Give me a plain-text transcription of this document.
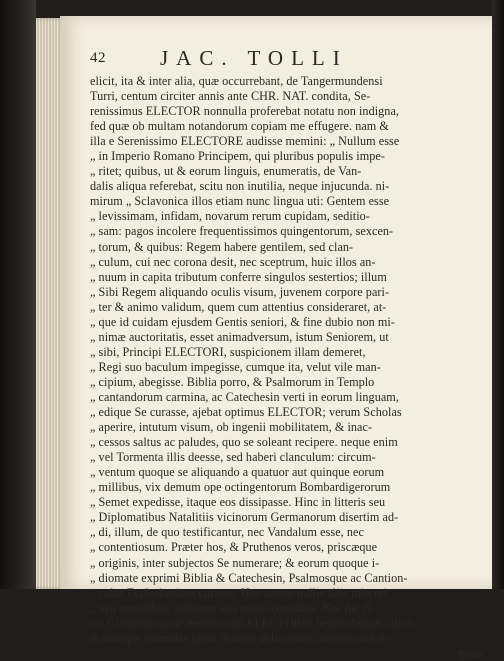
42	JAC. TOLLI
elicit, ita & inter alia, quæ occurrebant, de Tangermundensi
Turri, centum circiter annis ante CHR. NAT. condita, Se-
renissimus ELECTOR nonnulla proferebat notatu non indigna,
fed quæ ob multam notandorum copiam me effugere. nam &
illa e Serenissimo ELECTORE audisse memini: „ Nullum esse
„ in Imperio Romano Principem, qui pluribus populis impe-
„ ritet; quibus, ut & eorum linguis, enumeratis, de Van-
dalis aliqua referebat, scitu non inutilia, neque injucunda. ni-
mirum „ Sclavonica illos etiam nunc lingua uti: Gentem esse
„ levissimam, infidam, novarum rerum cupidam, seditio-
„ sam: pagos incolere frequentissimos quingentorum, sexcen-
„ torum, & quibus: Regem habere gentilem, sed clan-
„ culum, cui nec corona desit, nec sceptrum, huic illos an-
„ nuum in capita tributum conferre singulos sestertios; illum
„ Sibi Regem aliquando oculis visum, juvenem corpore pari-
„ ter & animo validum, quem cum attentius consideraret, at-
„ que id cuidam ejusdem Gentis seniori, & fine dubio non mi-
„ nimæ auctoritatis, esset animadversum, istum Seniorem, ut
„ sibi, Principi ELECTORI, suspicionem illam demeret,
„ Regi suo baculum impegisse, cumque ita, velut vile man-
„ cipium, abegisse. Biblia porro, & Psalmorum in Templo
„ cantandorum carmina, ac Catechesin verti in eorum linguam,
„ edique Se curasse, ajebat optimus ELECTOR; verum Scholas
„ aperire, intutum visum, ob ingenii mobilitatem, & inac-
„ cessos saltus ac paludes, quo se soleant recipere. neque enim
„ vel Tormenta illis deesse, sed haberi clanculum: circum-
„ ventum quoque se aliquando a quatuor aut quinque eorum
„ millibus, vix demum ope octingentorum Bombardigerorum
„ Semet expedisse, itaque eos dissipasse. Hinc in litteris seu
„ Diplomatibus Natalitiis vicinorum Germanorum disertim ad-
„ di, illum, de quo testificantur, nec Vandalum esse, nec
„ contentiosum. Præter hos, & Pruthenos veros, priscæque
„ originis, inter subjectos Se numerare; & eorum quoque i-
„ diomate exprimi Biblia & Catechesin, Psalmosque ac Cantion-
„ culas Ecclesiasticas curasse. Hos autem nullis aliis misceri,
„ nisi gentilibus, nullaque alia nosse connubia. Nec hic fi-
nis Clementissimæ Serenissimi ELECTORIS benevolentiæ. often-
di namque nonnulla jussit Naturæ deliciarum curiosis non in-
grata:
